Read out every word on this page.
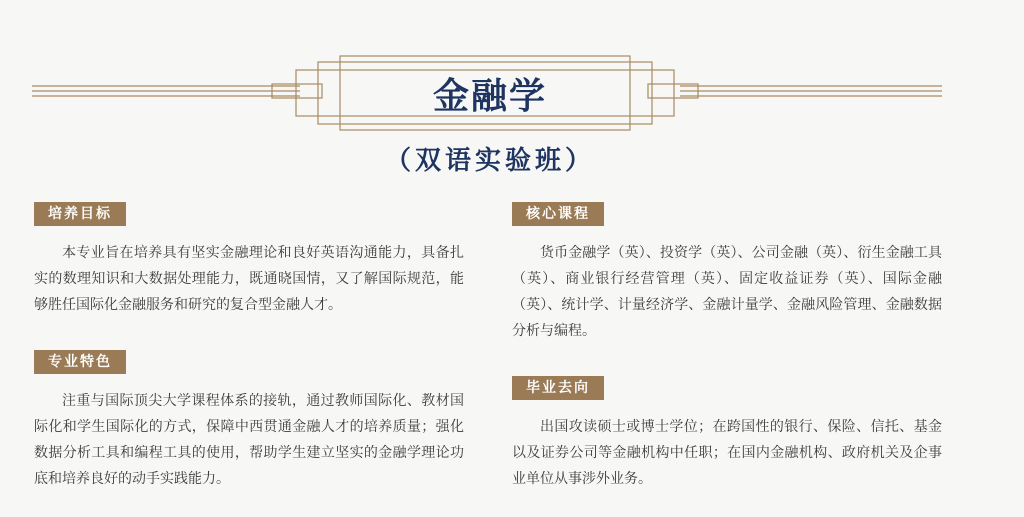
金融学
（双语实验班）
培养目标
本专业旨在培养具有坚实金融理论和良好英语沟通能力，具备扎实的数理知识和大数据处理能力，既通晓国情，又了解国际规范，能够胜任国际化金融服务和研究的复合型金融人才。
专业特色
注重与国际顶尖大学课程体系的接轨，通过教师国际化、教材国际化和学生国际化的方式，保障中西贯通金融人才的培养质量；强化数据分析工具和编程工具的使用，帮助学生建立坚实的金融学理论功底和培养良好的动手实践能力。
核心课程
货币金融学（英）、投资学（英）、公司金融（英）、衍生金融工具（英）、商业银行经营管理（英）、固定收益证券（英）、国际金融（英）、统计学、计量经济学、金融计量学、金融风险管理、金融数据分析与编程。
毕业去向
出国攻读硕士或博士学位；在跨国性的银行、保险、信托、基金以及证券公司等金融机构中任职；在国内金融机构、政府机关及企事业单位从事涉外业务。
